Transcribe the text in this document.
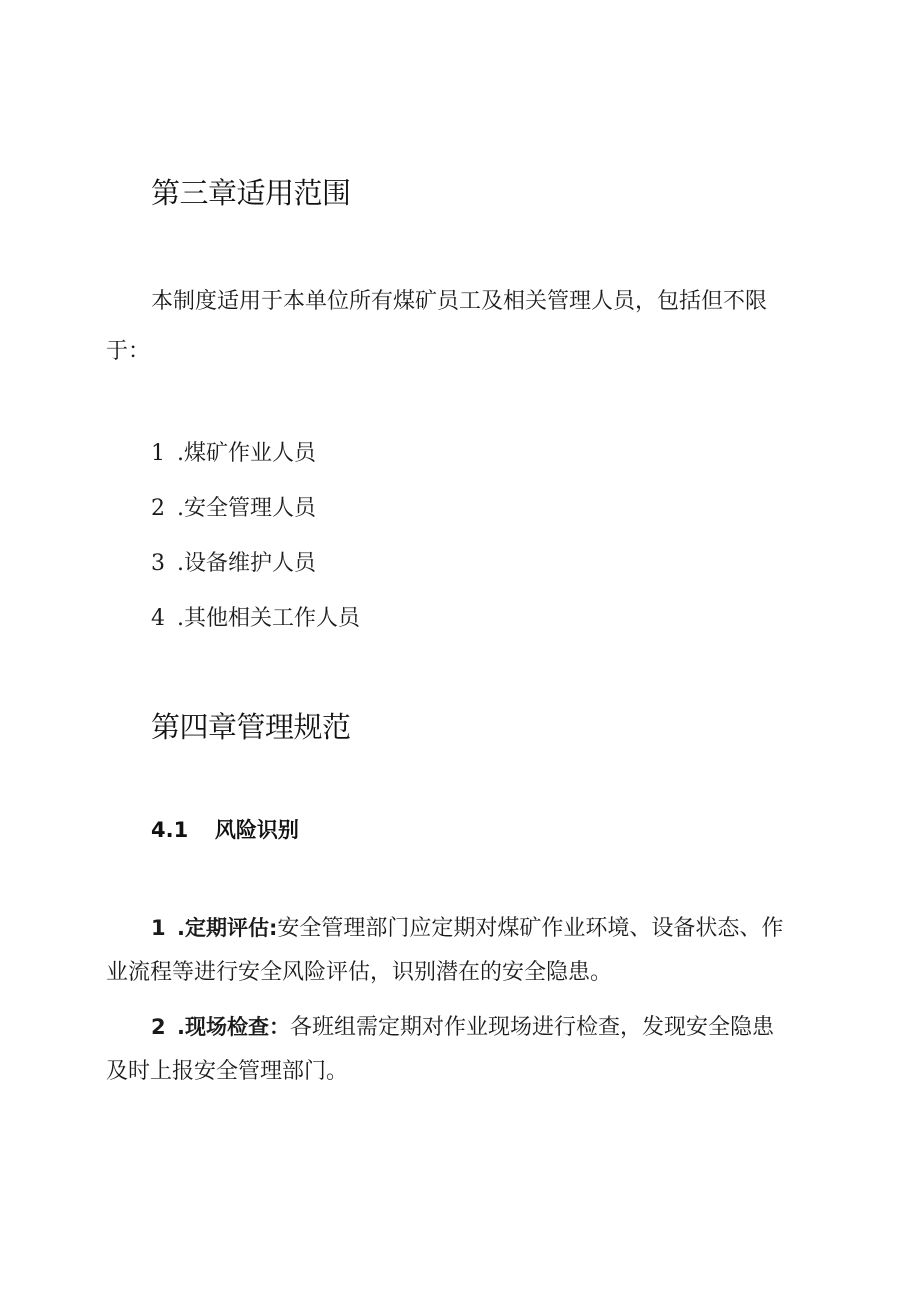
第三章适用范围
本制度适用于本单位所有煤矿员工及相关管理人员，包括但不限
于：
1 .煤矿作业人员
2 .安全管理人员
3 .设备维护人员
4 .其他相关工作人员
第四章管理规范
4.1 风险识别
1 .定期评估:安全管理部门应定期对煤矿作业环境、设备状态、作
业流程等进行安全风险评估，识别潜在的安全隐患。
2 .现场检查：各班组需定期对作业现场进行检查，发现安全隐患
及时上报安全管理部门。
